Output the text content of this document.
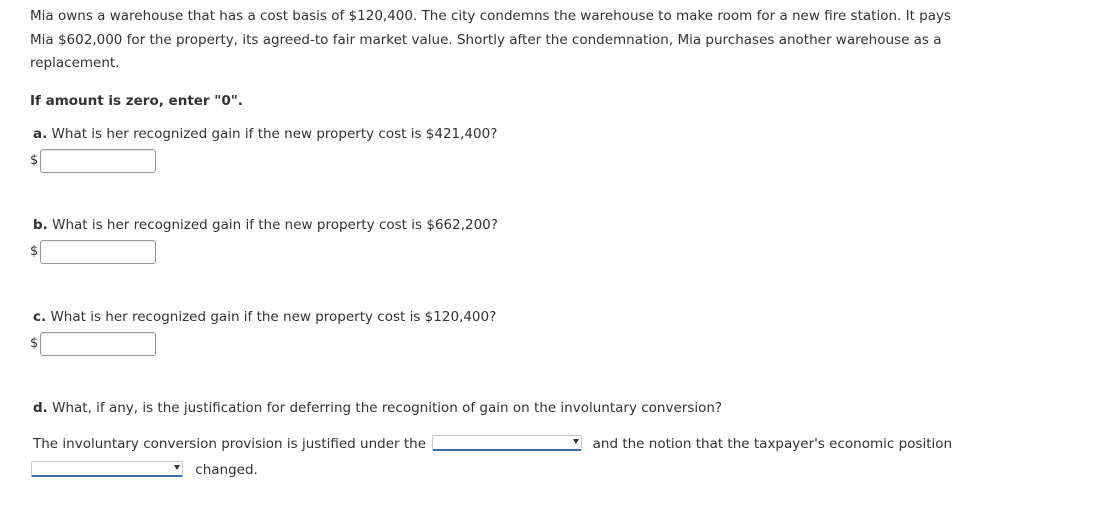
Mia owns a warehouse that has a cost basis of $120,400. The city condemns the warehouse to make room for a new fire station. It pays
Mia $602,000 for the property, its agreed-to fair market value. Shortly after the condemnation, Mia purchases another warehouse as a
replacement.

If amount is zero, enter "0".
a. What is her recognized gain if the new property cost is $421,400?
$
b. What is her recognized gain if the new property cost is $662,200?
$
c. What is her recognized gain if the new property cost is $120,400?
$
d. What, if any, is the justification for deferring the recognition of gain on the involuntary conversion?
The involuntary conversion provision is justified under the	and the notion that the taxpayer's economic position
changed.
